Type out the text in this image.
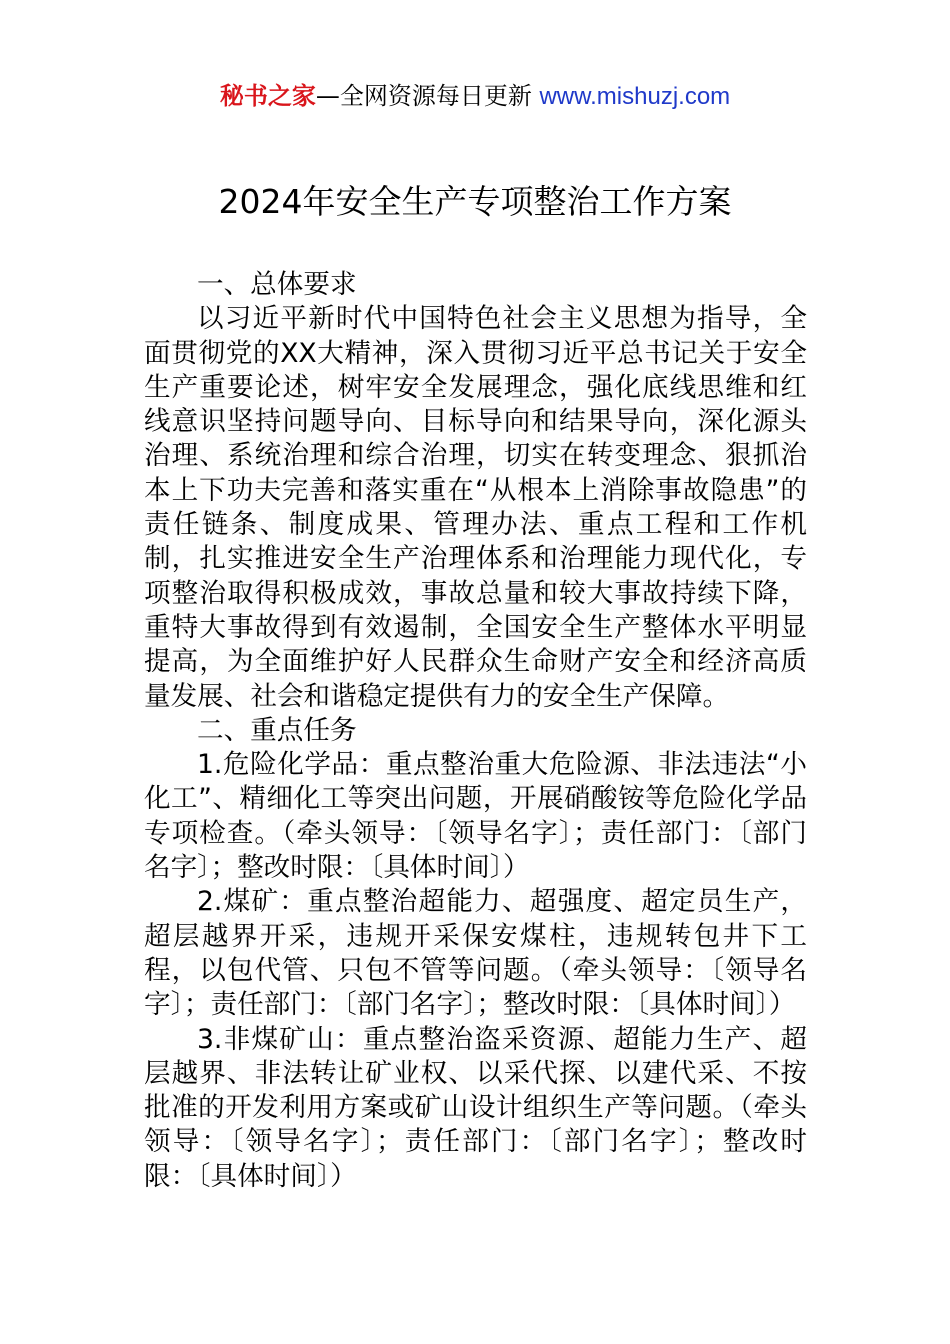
秘书之家—全网资源每日更新 www.mishuzj.com
2024年安全生产专项整治工作方案

一、总体要求

以习近平新时代中国特色社会主义思想为指导，全面贯彻党的XX大精神，深入贯彻习近平总书记关于安全生产重要论述，树牢安全发展理念，强化底线思维和红线意识坚持问题导向、目标导向和结果导向，深化源头治理、系统治理和综合治理，切实在转变理念、狠抓治本上下功夫完善和落实重在“从根本上消除事故隐患”的责任链条、制度成果、管理办法、重点工程和工作机制，扎实推进安全生产治理体系和治理能力现代化，专项整治取得积极成效，事故总量和较大事故持续下降，重特大事故得到有效遏制，全国安全生产整体水平明显提高，为全面维护好人民群众生命财产安全和经济高质量发展、社会和谐稳定提供有力的安全生产保障。

二、重点任务

1.危险化学品：重点整治重大危险源、非法违法“小化工”、精细化工等突出问题，开展硝酸铵等危险化学品专项检查。（牵头领导：〔领导名字〕；责任部门：〔部门名字〕；整改时限：〔具体时间〕）

2.煤矿：重点整治超能力、超强度、超定员生产，超层越界开采，违规开采保安煤柱，违规转包井下工程，以包代管、只包不管等问题。（牵头领导：〔领导名字〕；责任部门：〔部门名字〕；整改时限：〔具体时间〕）

3.非煤矿山：重点整治盗采资源、超能力生产、超层越界、非法转让矿业权、以采代探、以建代采、不按批准的开发利用方案或矿山设计组织生产等问题。（牵头领导：〔领导名字〕；责任部门：〔部门名字〕；整改时限：〔具体时间〕）
